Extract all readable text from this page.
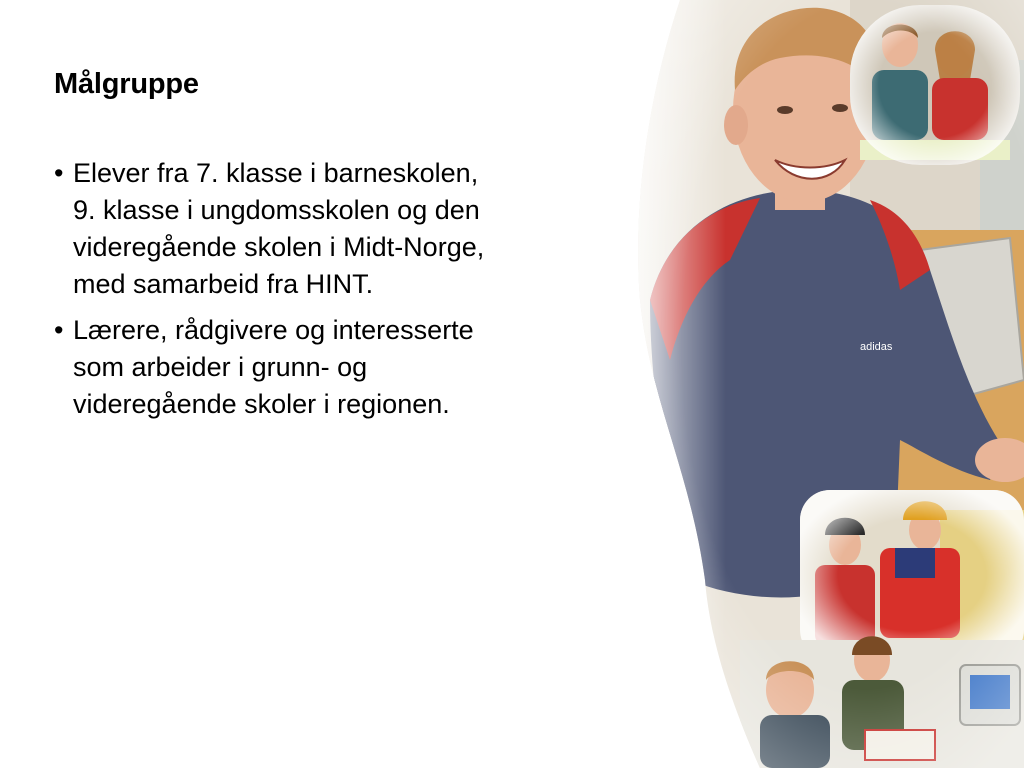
Målgruppe
• Elever fra 7. klasse i barneskolen,
9. klasse i ungdomsskolen og den
videregående skolen i Midt-Norge,
med samarbeid fra HINT.
• Lærere, rådgivere og interesserte
som arbeider i grunn- og
videregående skoler i regionen.
